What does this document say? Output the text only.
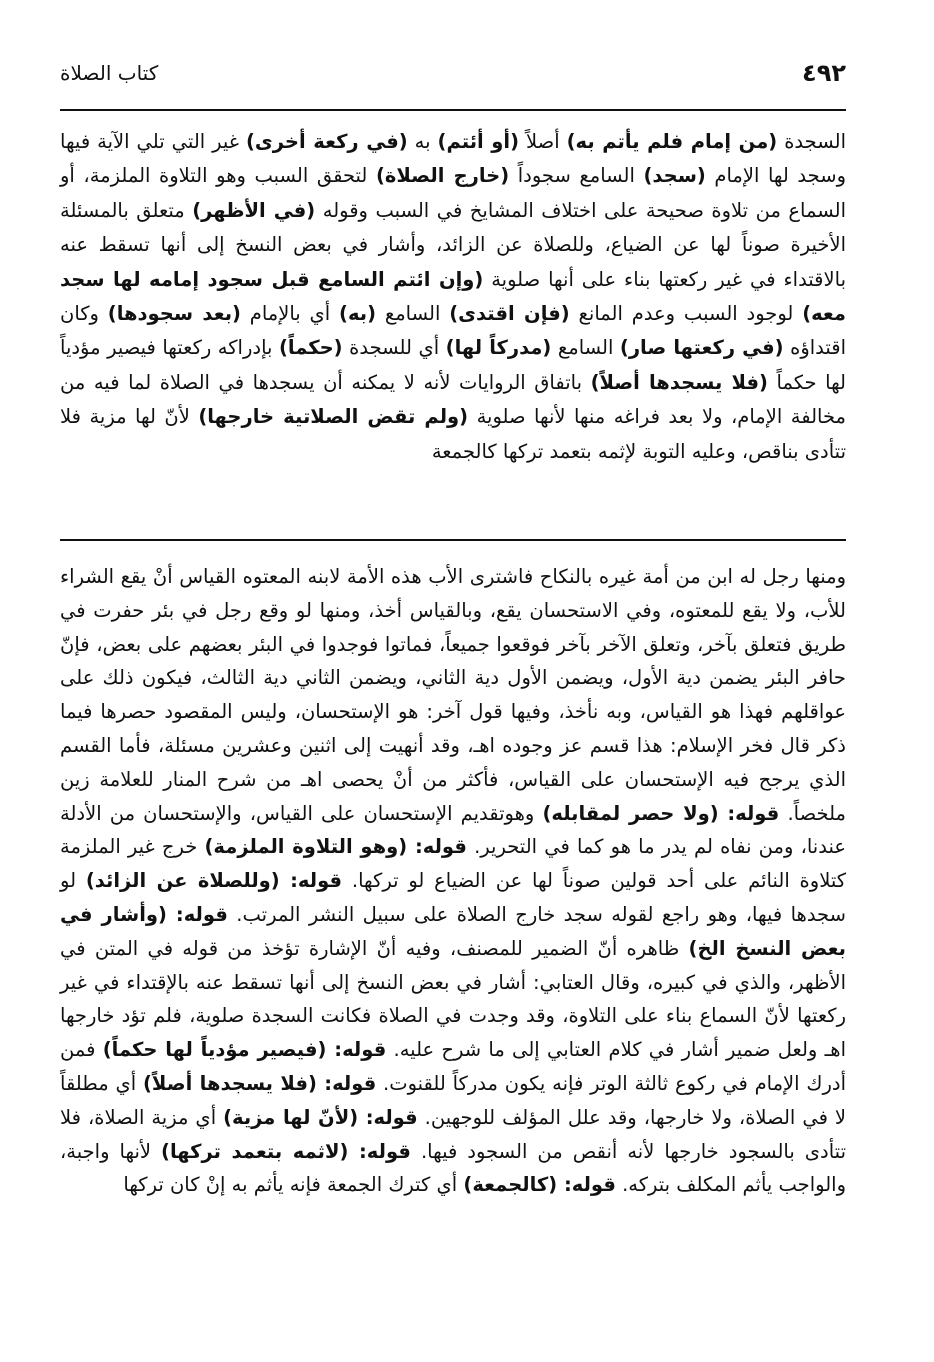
٤٩٢
كتاب الصلاة

السجدة (من إمام فلم يأتم به) أصلاً (أو أئتم) به (في ركعة أخرى) غير التي تلي الآية فيها وسجد لها الإمام (سجد) السامع سجوداً (خارج الصلاة) لتحقق السبب وهو التلاوة الملزمة، أو السماع من تلاوة صحيحة على اختلاف المشايخ في السبب وقوله (في الأظهر) متعلق بالمسئلة الأخيرة صوناً لها عن الضياع، وللصلاة عن الزائد، وأشار في بعض النسخ إلى أنها تسقط عنه بالاقتداء في غير ركعتها بناء على أنها صلوية (وإن ائتم السامع قبل سجود إمامه لها سجد معه) لوجود السبب وعدم المانع (فإن اقتدى) السامع (به) أي بالإمام (بعد سجودها) وكان اقتداؤه (في ركعتها صار) السامع (مدركاً لها) أي للسجدة (حكماً) بإدراكه ركعتها فيصير مؤدياً لها حكماً (فلا يسجدها أصلاً) باتفاق الروايات لأنه لا يمكنه أن يسجدها في الصلاة لما فيه من مخالفة الإمام، ولا بعد فراغه منها لأنها صلوية (ولم تقض الصلاتية خارجها) لأنّ لها مزية فلا تتأدى بناقص، وعليه التوبة لإثمه بتعمد تركها كالجمعة

ومنها رجل له ابن من أمة غيره بالنكاح فاشترى الأب هذه الأمة لابنه المعتوه القياس أنْ يقع الشراء للأب، ولا يقع للمعتوه، وفي الاستحسان يقع، وبالقياس أخذ، ومنها لو وقع رجل في بئر حفرت في طريق فتعلق بآخر، وتعلق الآخر بآخر فوقعوا جميعاً، فماتوا فوجدوا في البئر بعضهم على بعض، فإنّ حافر البئر يضمن دية الأول، ويضمن الأول دية الثاني، ويضمن الثاني دية الثالث، فيكون ذلك على عواقلهم فهذا هو القياس، وبه نأخذ، وفيها قول آخر: هو الإستحسان، وليس المقصود حصرها فيما ذكر قال فخر الإسلام: هذا قسم عز وجوده اهـ، وقد أنهيت إلى اثنين وعشرين مسئلة، فأما القسم الذي يرجح فيه الإستحسان على القياس، فأكثر من أنْ يحصى اهـ من شرح المنار للعلامة زين ملخصاً. قوله: (ولا حصر لمقابله) وهوتقديم الإستحسان على القياس، والإستحسان من الأدلة عندنا، ومن نفاه لم يدر ما هو كما في التحرير. قوله: (وهو التلاوة الملزمة) خرج غير الملزمة كتلاوة النائم على أحد قولين صوناً لها عن الضياع لو تركها. قوله: (وللصلاة عن الزائد) لو سجدها فيها، وهو راجع لقوله سجد خارج الصلاة على سبيل النشر المرتب. قوله: (وأشار في بعض النسخ الخ) ظاهره أنّ الضمير للمصنف، وفيه أنّ الإشارة تؤخذ من قوله في المتن في الأظهر، والذي في كبيره، وقال العتابي: أشار في بعض النسخ إلى أنها تسقط عنه بالإقتداء في غير ركعتها لأنّ السماع بناء على التلاوة، وقد وجدت في الصلاة فكانت السجدة صلوية، فلم تؤد خارجها اهـ ولعل ضمير أشار في كلام العتابي إلى ما شرح عليه. قوله: (فيصير مؤدياً لها حكماً) فمن أدرك الإمام في ركوع ثالثة الوتر فإنه يكون مدركاً للقنوت. قوله: (فلا يسجدها أصلاً) أي مطلقاً لا في الصلاة، ولا خارجها، وقد علل المؤلف للوجهين. قوله: (لأنّ لها مزية) أي مزية الصلاة، فلا تتأدى بالسجود خارجها لأنه أنقص من السجود فيها. قوله: (لاثمه بتعمد تركها) لأنها واجبة، والواجب يأثم المكلف بتركه. قوله: (كالجمعة) أي كترك الجمعة فإنه يأثم به إنْ كان تركها
